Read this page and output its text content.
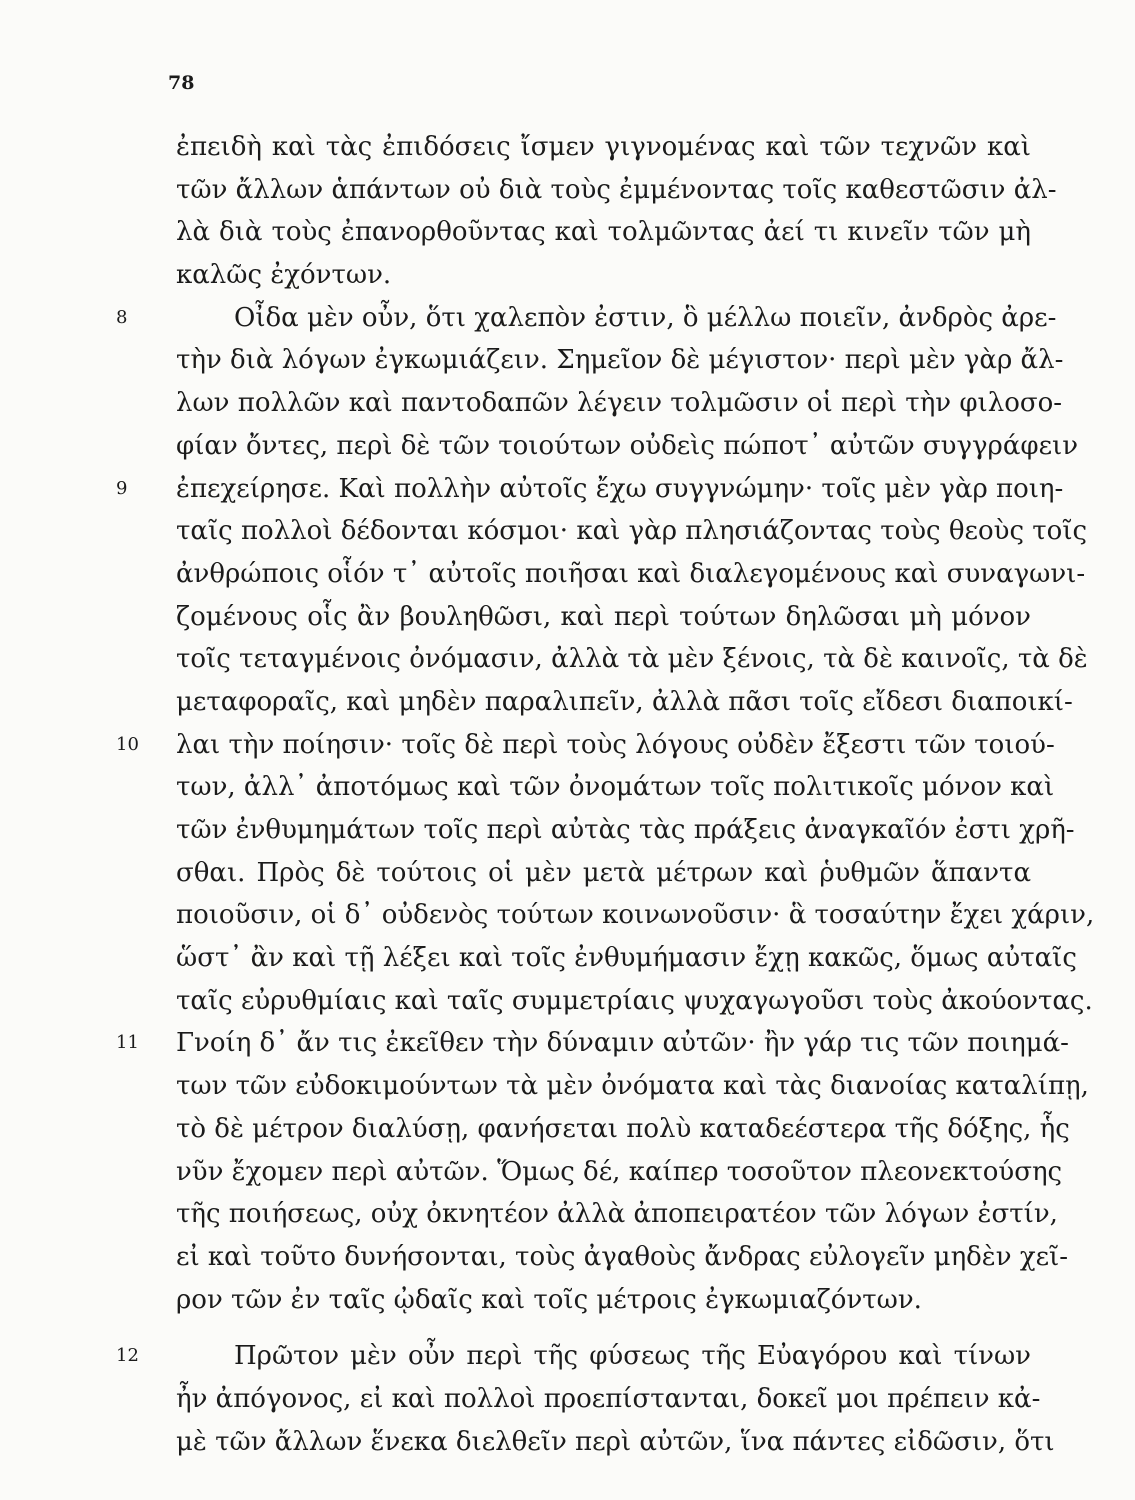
78
ἐπειδὴ καὶ τὰς ἐπιδόσεις ἴσμεν γιγνομένας καὶ τῶν τεχνῶν καὶ
τῶν ἄλλων ἁπάντων οὐ διὰ τοὺς ἐμμένοντας τοῖς καθεστῶσιν ἀλ-
λὰ διὰ τοὺς ἐπανορθοῦντας καὶ τολμῶντας ἀεί τι κινεῖν τῶν μὴ
καλῶς ἐχόντων.
8	Οἶδα μὲν οὖν, ὅτι χαλεπὸν ἐστιν, ὃ μέλλω ποιεῖν, ἀνδρὸς ἀρε-
τὴν διὰ λόγων ἐγκωμιάζειν. Σημεῖον δὲ μέγιστον· περὶ μὲν γὰρ ἄλ-
λων πολλῶν καὶ παντοδαπῶν λέγειν τολμῶσιν οἱ περὶ τὴν φιλοσο-
φίαν ὄντες, περὶ δὲ τῶν τοιούτων οὐδεὶς πώποτ᾽ αὐτῶν συγγράφειν
9	ἐπεχείρησε. Καὶ πολλὴν αὐτοῖς ἔχω συγγνώμην· τοῖς μὲν γὰρ ποιη-
ταῖς πολλοὶ δέδονται κόσμοι· καὶ γὰρ πλησιάζοντας τοὺς θεοὺς τοῖς
ἀνθρώποις οἷόν τ᾽ αὐτοῖς ποιῆσαι καὶ διαλεγομένους καὶ συναγωνι-
ζομένους οἷς ἂν βουληθῶσι, καὶ περὶ τούτων δηλῶσαι μὴ μόνον
τοῖς τεταγμένοις ὀνόμασιν, ἀλλὰ τὰ μὲν ξένοις, τὰ δὲ καινοῖς, τὰ δὲ
μεταφοραῖς, καὶ μηδὲν παραλιπεῖν, ἀλλὰ πᾶσι τοῖς εἴδεσι διαποικί-
10	λαι τὴν ποίησιν· τοῖς δὲ περὶ τοὺς λόγους οὐδὲν ἔξεστι τῶν τοιού-
των, ἀλλ᾽ ἀποτόμως καὶ τῶν ὀνομάτων τοῖς πολιτικοῖς μόνον καὶ
τῶν ἐνθυμημάτων τοῖς περὶ αὐτὰς τὰς πράξεις ἀναγκαῖόν ἐστι χρῆ-
σθαι. Πρὸς δὲ τούτοις οἱ μὲν μετὰ μέτρων καὶ ῥυθμῶν ἅπαντα
ποιοῦσιν, οἱ δ᾽ οὐδενὸς τούτων κοινωνοῦσιν· ἃ τοσαύτην ἔχει χάριν,
ὥστ᾽ ἂν καὶ τῇ λέξει καὶ τοῖς ἐνθυμήμασιν ἔχῃ κακῶς, ὅμως αὐταῖς
ταῖς εὐρυθμίαις καὶ ταῖς συμμετρίαις ψυχαγωγοῦσι τοὺς ἀκούοντας.
11	Γνοίη δ᾽ ἄν τις ἐκεῖθεν τὴν δύναμιν αὐτῶν· ἢν γάρ τις τῶν ποιημά-
των τῶν εὐδοκιμούντων τὰ μὲν ὀνόματα καὶ τὰς διανοίας καταλίπῃ,
τὸ δὲ μέτρον διαλύσῃ, φανήσεται πολὺ καταδεέστερα τῆς δόξης, ἧς
νῦν ἔχομεν περὶ αὐτῶν. Ὅμως δέ, καίπερ τοσοῦτον πλεονεκτούσης
τῆς ποιήσεως, οὐχ ὀκνητέον ἀλλὰ ἀποπειρατέον τῶν λόγων ἐστίν,
εἰ καὶ τοῦτο δυνήσονται, τοὺς ἀγαθοὺς ἄνδρας εὐλογεῖν μηδὲν χεῖ-
ρον τῶν ἐν ταῖς ᾠδαῖς καὶ τοῖς μέτροις ἐγκωμιαζόντων.
12	Πρῶτον μὲν οὖν περὶ τῆς φύσεως τῆς Εὐαγόρου καὶ τίνων
ἦν ἀπόγονος, εἰ καὶ πολλοὶ προεπίστανται, δοκεῖ μοι πρέπειν κἀ-
μὲ τῶν ἄλλων ἕνεκα διελθεῖν περὶ αὐτῶν, ἵνα πάντες εἰδῶσιν, ὅτι
